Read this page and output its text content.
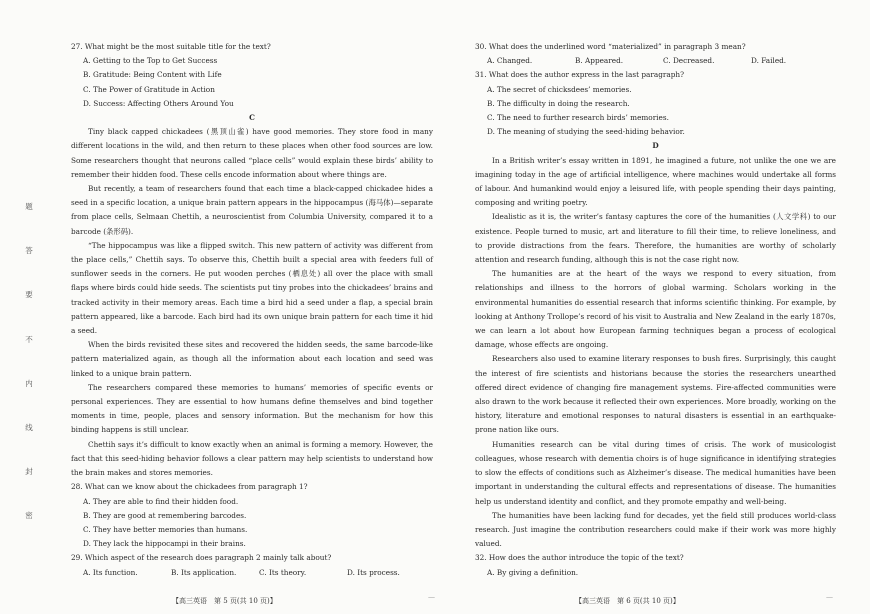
题
答
要
不
内
线
封
密
27. What might be the most suitable title for the text?
A. Getting to the Top to Get Success
B. Gratitude: Being Content with Life
C. The Power of Gratitude in Action
D. Success: Affecting Others Around You
C

Tiny black capped chickadees (黑顶山雀) have good memories. They store food in many different locations in the wild, and then return to these places when other food sources are low. Some researchers thought that neurons called “place cells” would explain these birds’ ability to remember their hidden food. These cells encode information about where things are.

But recently, a team of researchers found that each time a black-capped chickadee hides a seed in a specific location, a unique brain pattern appears in the hippocampus (海马体)—separate from place cells, Selmaan Chettih, a neuroscientist from Columbia University, compared it to a barcode (条形码).

“The hippocampus was like a flipped switch. This new pattern of activity was different from the place cells,” Chettih says. To observe this, Chettih built a special area with feeders full of sunflower seeds in the corners. He put wooden perches (栖息处) all over the place with small flaps where birds could hide seeds. The scientists put tiny probes into the chickadees’ brains and tracked activity in their memory areas. Each time a bird hid a seed under a flap, a special brain pattern appeared, like a barcode. Each bird had its own unique brain pattern for each time it hid a seed.

When the birds revisited these sites and recovered the hidden seeds, the same barcode-like pattern materialized again, as though all the information about each location and seed was linked to a unique brain pattern.

The researchers compared these memories to humans’ memories of specific events or personal experiences. They are essential to how humans define themselves and bind together moments in time, people, places and sensory information. But the mechanism for how this binding happens is still unclear.

Chettih says it’s difficult to know exactly when an animal is forming a memory. However, the fact that this seed-hiding behavior follows a clear pattern may help scientists to understand how the brain makes and stores memories.

28. What can we know about the chickadees from paragraph 1?
A. They are able to find their hidden food.
B. They are good at remembering barcodes.
C. They have better memories than humans.
D. They lack the hippocampi in their brains.
29. Which aspect of the research does paragraph 2 mainly talk about?
A. Its function.	B. Its application.	C. Its theory.	D. Its process.
30. What does the underlined word “materialized” in paragraph 3 mean?
A. Changed.	B. Appeared.	C. Decreased.	D. Failed.
31. What does the author express in the last paragraph?
A. The secret of chicksdees’ memories.
B. The difficulty in doing the research.
C. The need to further research birds’ memories.
D. The meaning of studying the seed-hiding behavior.
D

In a British writer’s essay written in 1891, he imagined a future, not unlike the one we are imagining today in the age of artificial intelligence, where machines would undertake all forms of labour. And humankind would enjoy a leisured life, with people spending their days painting, composing and writing poetry.

Idealistic as it is, the writer’s fantasy captures the core of the humanities (人文学科) to our existence. People turned to music, art and literature to fill their time, to relieve loneliness, and to provide distractions from the fears. Therefore, the humanities are worthy of scholarly attention and research funding, although this is not the case right now.

The humanities are at the heart of the ways we respond to every situation, from relationships and illness to the horrors of global warming. Scholars working in the environmental humanities do essential research that informs scientific thinking. For example, by looking at Anthony Trollope’s record of his visit to Australia and New Zealand in the early 1870s, we can learn a lot about how European farming techniques began a process of ecological damage, whose effects are ongoing.

Researchers also used to examine literary responses to bush fires. Surprisingly, this caught the interest of fire scientists and historians because the stories the researchers unearthed offered direct evidence of changing fire management systems. Fire-affected communities were also drawn to the work because it reflected their own experiences. More broadly, working on the history, literature and emotional responses to natural disasters is essential in an earthquake-prone nation like ours.

Humanities research can be vital during times of crisis. The work of musicologist colleagues, whose research with dementia choirs is of huge significance in identifying strategies to slow the effects of conditions such as Alzheimer’s disease. The medical humanities have been important in understanding the cultural effects and representations of disease. The humanities help us understand identity and conflict, and they promote empathy and well-being.

The humanities have been lacking fund for decades, yet the field still produces world-class research. Just imagine the contribution researchers could make if their work was more highly valued.

32. How does the author introduce the topic of the text?
A. By giving a definition.
【高三英语　第 5 页(共 10 页)】	—	【高三英语　第 6 页(共 10 页)】	—
